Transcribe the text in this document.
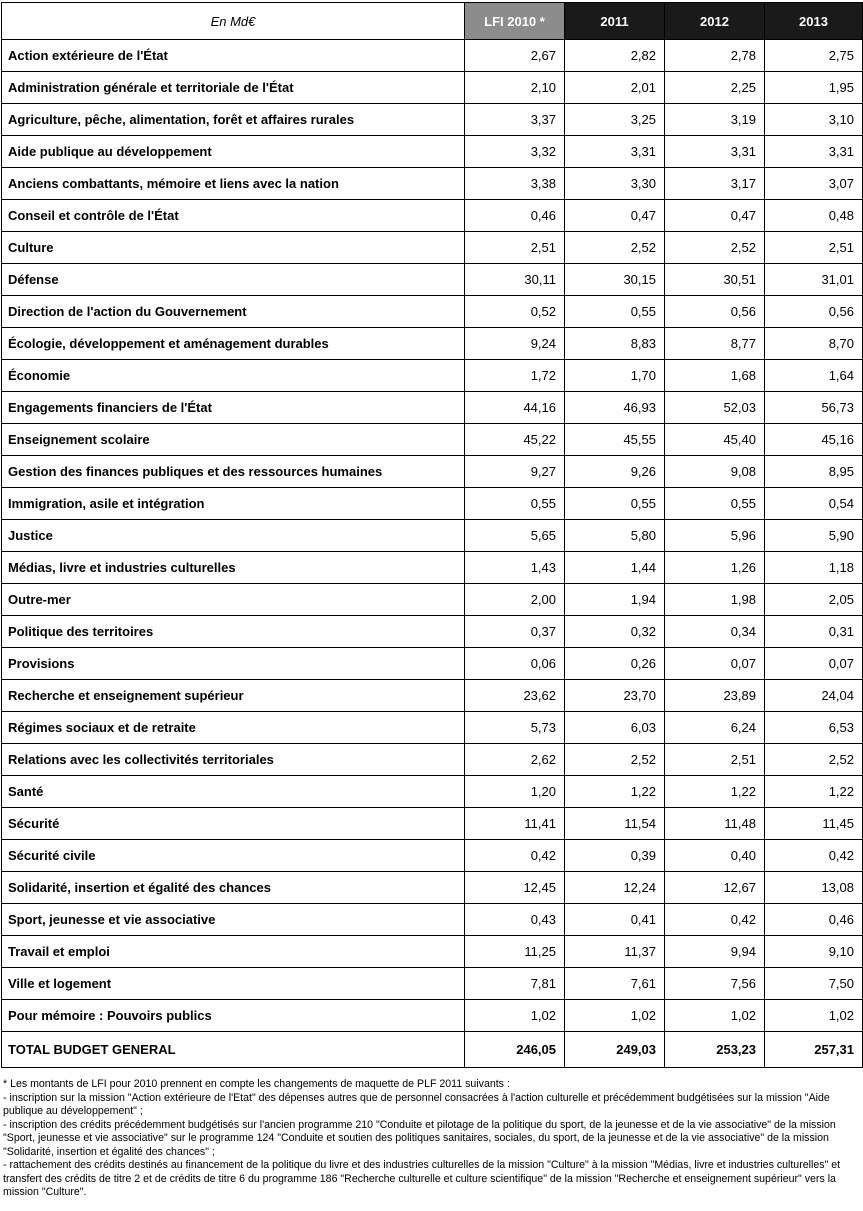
En Md€	LFI 2010 *	2011	2012	2013
Action extérieure de l'État	2,67	2,82	2,78	2,75
Administration générale et territoriale de l'État	2,10	2,01	2,25	1,95
Agriculture, pêche, alimentation, forêt et affaires rurales	3,37	3,25	3,19	3,10
Aide publique au développement	3,32	3,31	3,31	3,31
Anciens combattants, mémoire et liens avec la nation	3,38	3,30	3,17	3,07
Conseil et contrôle de l'État	0,46	0,47	0,47	0,48
Culture	2,51	2,52	2,52	2,51
Défense	30,11	30,15	30,51	31,01
Direction de l'action du Gouvernement	0,52	0,55	0,56	0,56
Écologie, développement et aménagement durables	9,24	8,83	8,77	8,70
Économie	1,72	1,70	1,68	1,64
Engagements financiers de l'État	44,16	46,93	52,03	56,73
Enseignement scolaire	45,22	45,55	45,40	45,16
Gestion des finances publiques et des ressources humaines	9,27	9,26	9,08	8,95
Immigration, asile et intégration	0,55	0,55	0,55	0,54
Justice	5,65	5,80	5,96	5,90
Médias, livre et industries culturelles	1,43	1,44	1,26	1,18
Outre-mer	2,00	1,94	1,98	2,05
Politique des territoires	0,37	0,32	0,34	0,31
Provisions	0,06	0,26	0,07	0,07
Recherche et enseignement supérieur	23,62	23,70	23,89	24,04
Régimes sociaux et de retraite	5,73	6,03	6,24	6,53
Relations avec les collectivités territoriales	2,62	2,52	2,51	2,52
Santé	1,20	1,22	1,22	1,22
Sécurité	11,41	11,54	11,48	11,45
Sécurité civile	0,42	0,39	0,40	0,42
Solidarité, insertion et égalité des chances	12,45	12,24	12,67	13,08
Sport, jeunesse et vie associative	0,43	0,41	0,42	0,46
Travail et emploi	11,25	11,37	9,94	9,10
Ville et logement	7,81	7,61	7,56	7,50
Pour mémoire : Pouvoirs publics	1,02	1,02	1,02	1,02
TOTAL BUDGET GENERAL	246,05	249,03	253,23	257,31

* Les montants de LFI pour 2010 prennent en compte les changements de maquette de PLF 2011 suivants :

- inscription sur la mission "Action extérieure de l'Etat" des dépenses autres que de personnel consacrées à l'action culturelle et précédemment budgétisées sur la mission "Aide publique au développement" ;

- inscription des crédits précédemment budgétisés sur l'ancien programme 210 "Conduite et pilotage de la politique du sport, de la jeunesse et de la vie associative" de la mission "Sport, jeunesse et vie associative" sur le programme 124 "Conduite et soutien des politiques sanitaires, sociales, du sport, de la jeunesse et de la vie associative" de la mission "Solidarité, insertion et égalité des chances" ;

- rattachement des crédits destinés au financement de la politique du livre et des industries culturelles de la mission "Culture" à la mission "Médias, livre et industries culturelles" et transfert des crédits de titre 2 et de crédits de titre 6 du programme 186 "Recherche culturelle et culture scientifique" de la mission "Recherche et enseignement supérieur" vers la mission "Culture".
